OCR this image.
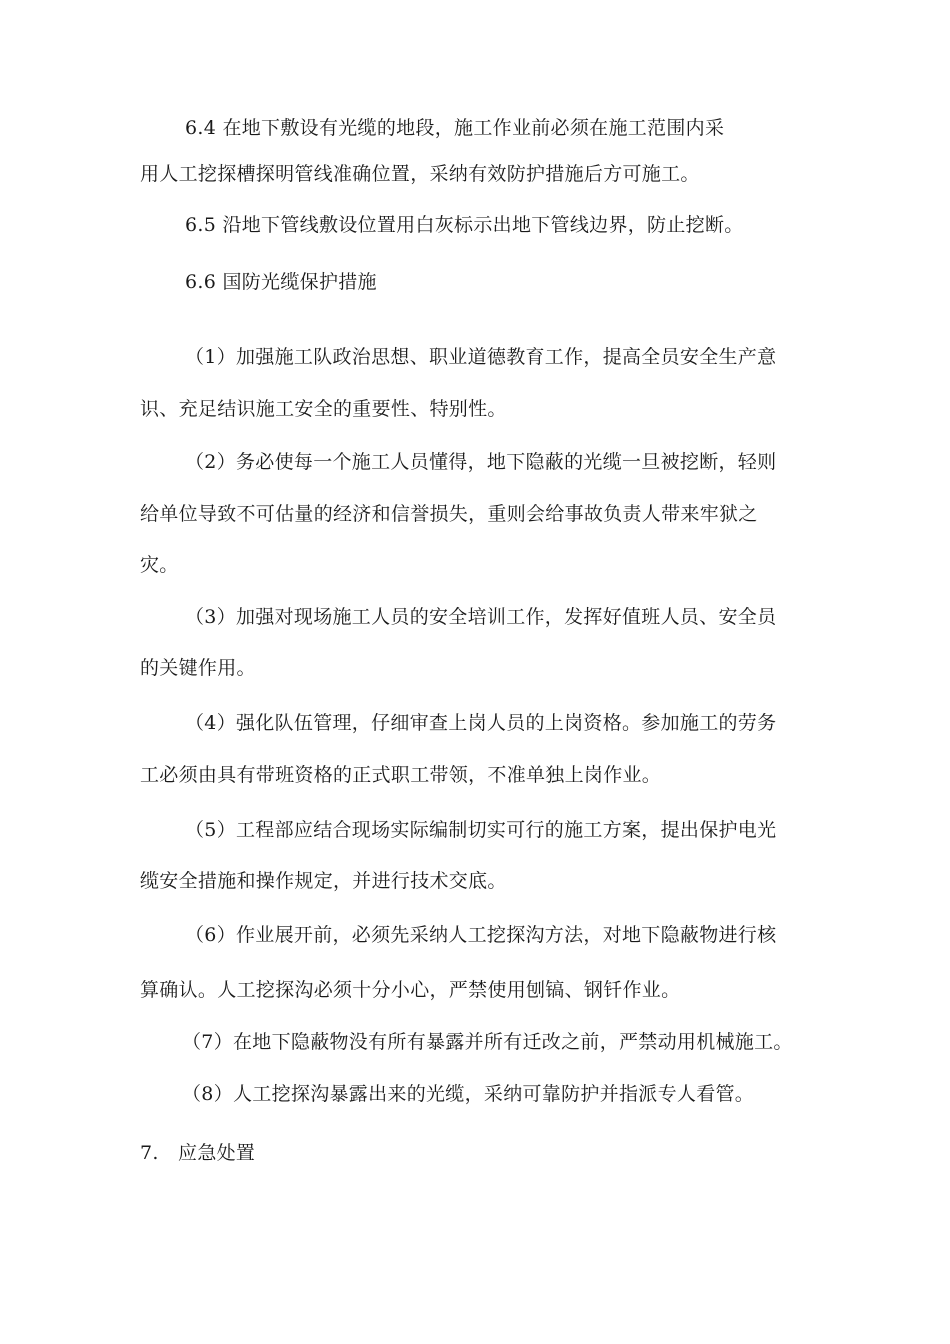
6.4 在地下敷设有光缆的地段，施工作业前必须在施工范围内采
用人工挖探槽探明管线准确位置，采纳有效防护措施后方可施工。
6.5 沿地下管线敷设位置用白灰标示出地下管线边界，防止挖断。
6.6 国防光缆保护措施
（1）加强施工队政治思想、职业道德教育工作，提高全员安全生产意
识、充足结识施工安全的重要性、特别性。
（2）务必使每一个施工人员懂得，地下隐蔽的光缆一旦被挖断，轻则
给单位导致不可估量的经济和信誉损失，重则会给事故负责人带来牢狱之
灾。
（3）加强对现场施工人员的安全培训工作，发挥好值班人员、安全员
的关键作用。
（4）强化队伍管理，仔细审查上岗人员的上岗资格。参加施工的劳务
工必须由具有带班资格的正式职工带领，不准单独上岗作业。
（5）工程部应结合现场实际编制切实可行的施工方案，提出保护电光
缆安全措施和操作规定，并进行技术交底。
（6）作业展开前，必须先采纳人工挖探沟方法，对地下隐蔽物进行核
算确认。人工挖探沟必须十分小心，严禁使用刨镐、钢钎作业。
（7）在地下隐蔽物没有所有暴露并所有迁改之前，严禁动用机械施工。
（8）人工挖探沟暴露出来的光缆，采纳可靠防护并指派专人看管。
7.　应急处置
